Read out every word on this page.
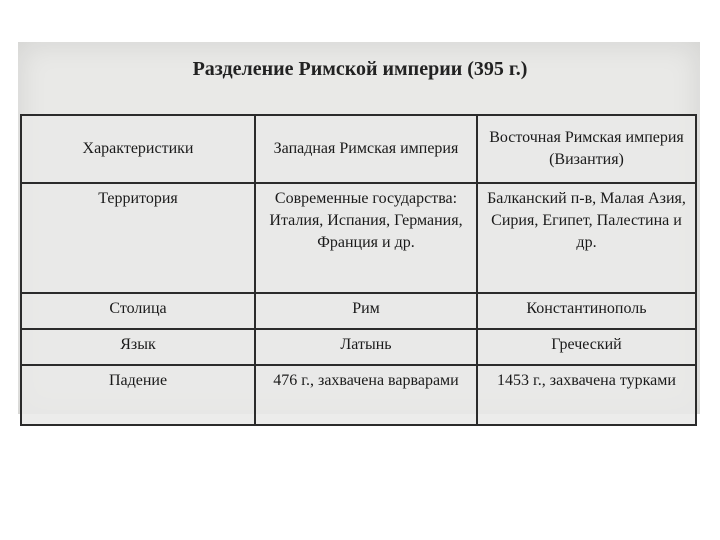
Разделение Римской империи (395 г.)
Характеристики	Западная Римская империя	Восточная Римская империя (Византия)
Территория	Современные государства: Италия, Испания, Германия, Франция и др.	Балканский п-в, Малая Азия, Сирия, Египет, Палестина и др.
Столица	Рим	Константинополь
Язык	Латынь	Греческий
Падение	476 г., захвачена варварами	1453 г., захвачена турками
